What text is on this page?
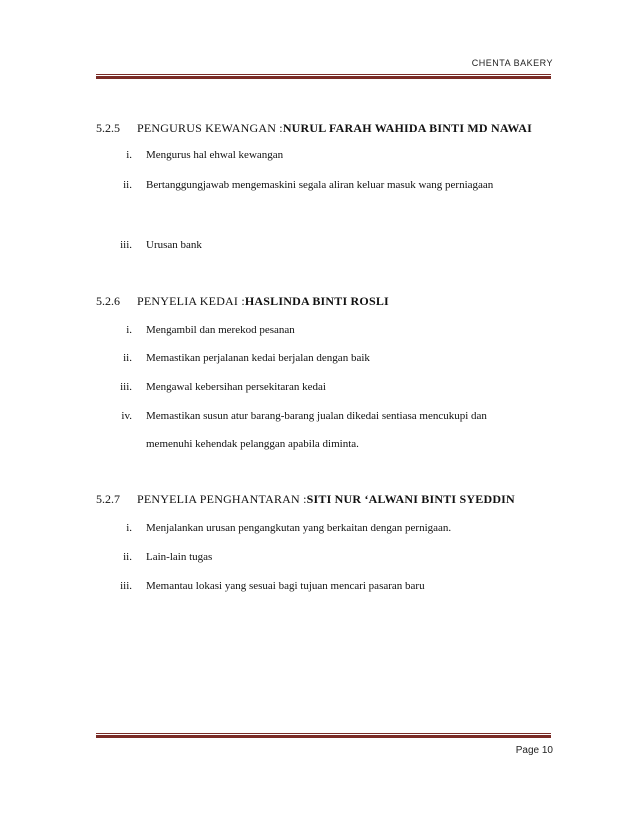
CHENTA BAKERY
5.2.5	PENGURUS KEWANGAN : NURUL FARAH WAHIDA BINTI MD NAWAI
i.	Mengurus hal ehwal kewangan
ii.	Bertanggungjawab mengemaskini segala aliran keluar masuk wang perniagaan
iii.	Urusan bank
5.2.6	PENYELIA KEDAI : HASLINDA BINTI ROSLI
i.	Mengambil dan merekod pesanan
ii.	Memastikan perjalanan kedai berjalan dengan baik
iii.	Mengawal kebersihan persekitaran kedai
iv.	Memastikan susun atur barang-barang jualan dikedai sentiasa mencukupi dan memenuhi kehendak pelanggan apabila diminta.
5.2.7	PENYELIA PENGHANTARAN : SITI NUR ‘ALWANI BINTI SYEDDIN
i.	Menjalankan urusan pengangkutan yang berkaitan dengan pernigaan.
ii.	Lain-lain tugas
iii.	Memantau lokasi yang sesuai bagi tujuan mencari pasaran baru
Page 10
